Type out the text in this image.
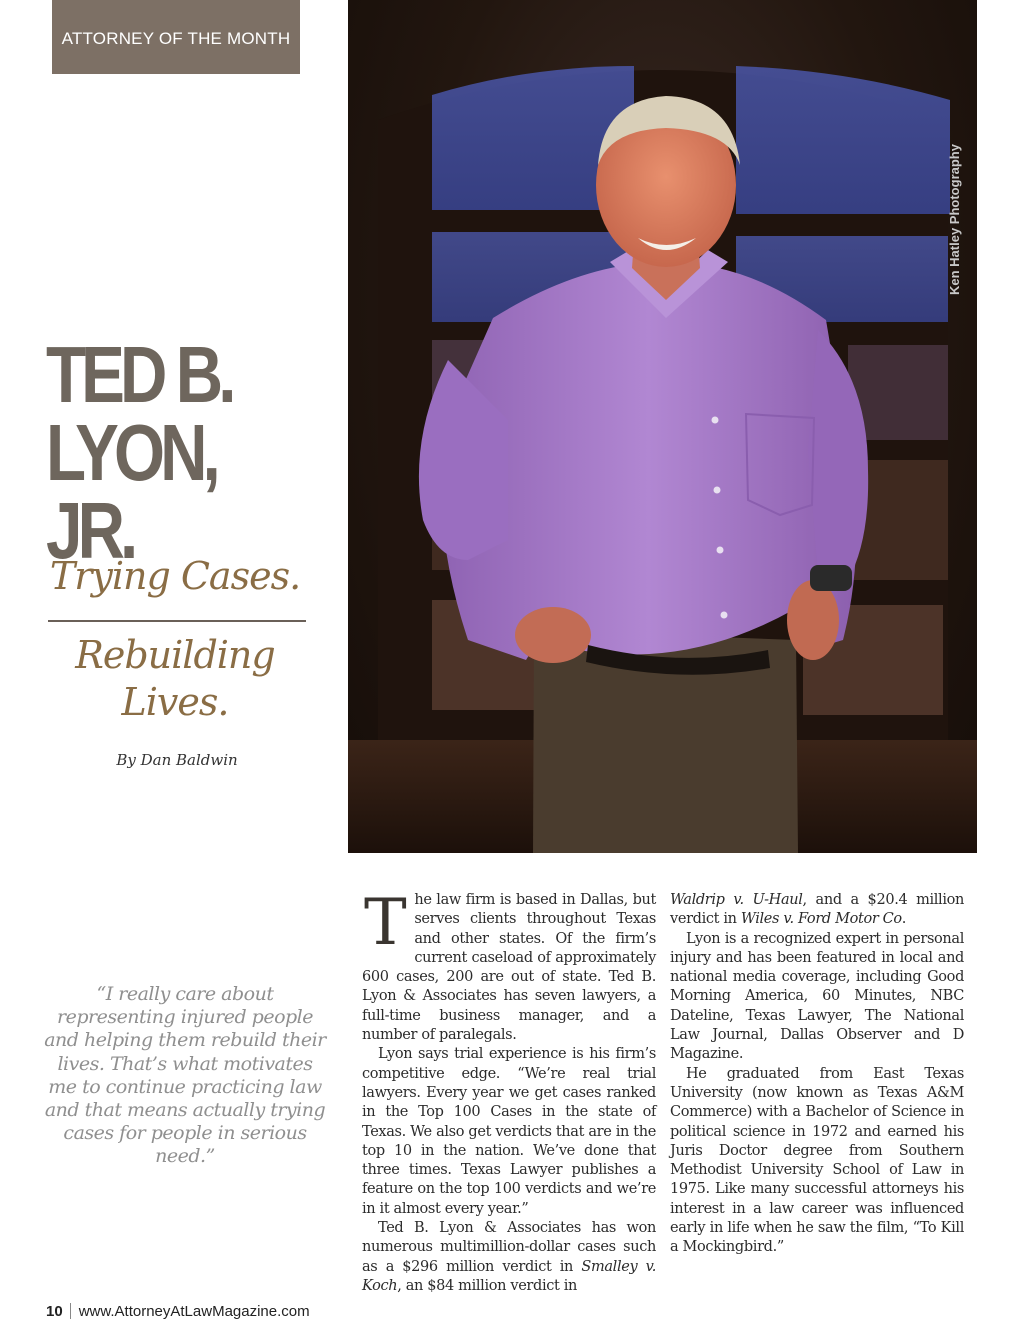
ATTORNEY OF THE MONTH
Ken Hatley Photography
TED B.
LYON, JR.
Trying Cases.
Rebuilding
Lives.
By Dan Baldwin
“I really care about representing injured people and helping them rebuild their lives. That’s what motivates me to continue practicing law and that means actually trying cases for people in serious need.”

The law firm is based in Dallas, but serves clients throughout Texas and other states. Of the firm’s current caseload of approximately 600 cases, 200 are out of state. Ted B. Lyon & Associates has seven lawyers, a full-time business manager, and a number of paralegals.

Lyon says trial experience is his firm’s competitive edge. “We’re real trial lawyers. Every year we get cases ranked in the Top 100 Cases in the state of Texas. We also get verdicts that are in the top 10 in the nation. We’ve done that three times. Texas Lawyer publishes a feature on the top 100 verdicts and we’re in it almost every year.”

Ted B. Lyon & Associates has won numerous multimillion-dollar cases such as a $296 million verdict in Smalley v. Koch, an $84 million verdict in

Waldrip v. U-Haul, and a $20.4 million verdict in Wiles v. Ford Motor Co.

Lyon is a recognized expert in personal injury and has been featured in local and national media coverage, including Good Morning America, 60 Minutes, NBC Dateline, Texas Lawyer, The National Law Journal, Dallas Observer and D Magazine.

He graduated from East Texas University (now known as Texas A&M Commerce) with a Bachelor of Science in political science in 1972 and earned his Juris Doctor degree from Southern Methodist University School of Law in 1975. Like many successful attorneys his interest in a law career was influenced early in life when he saw the film, “To Kill a Mockingbird.”

10 www.AttorneyAtLawMagazine.com
